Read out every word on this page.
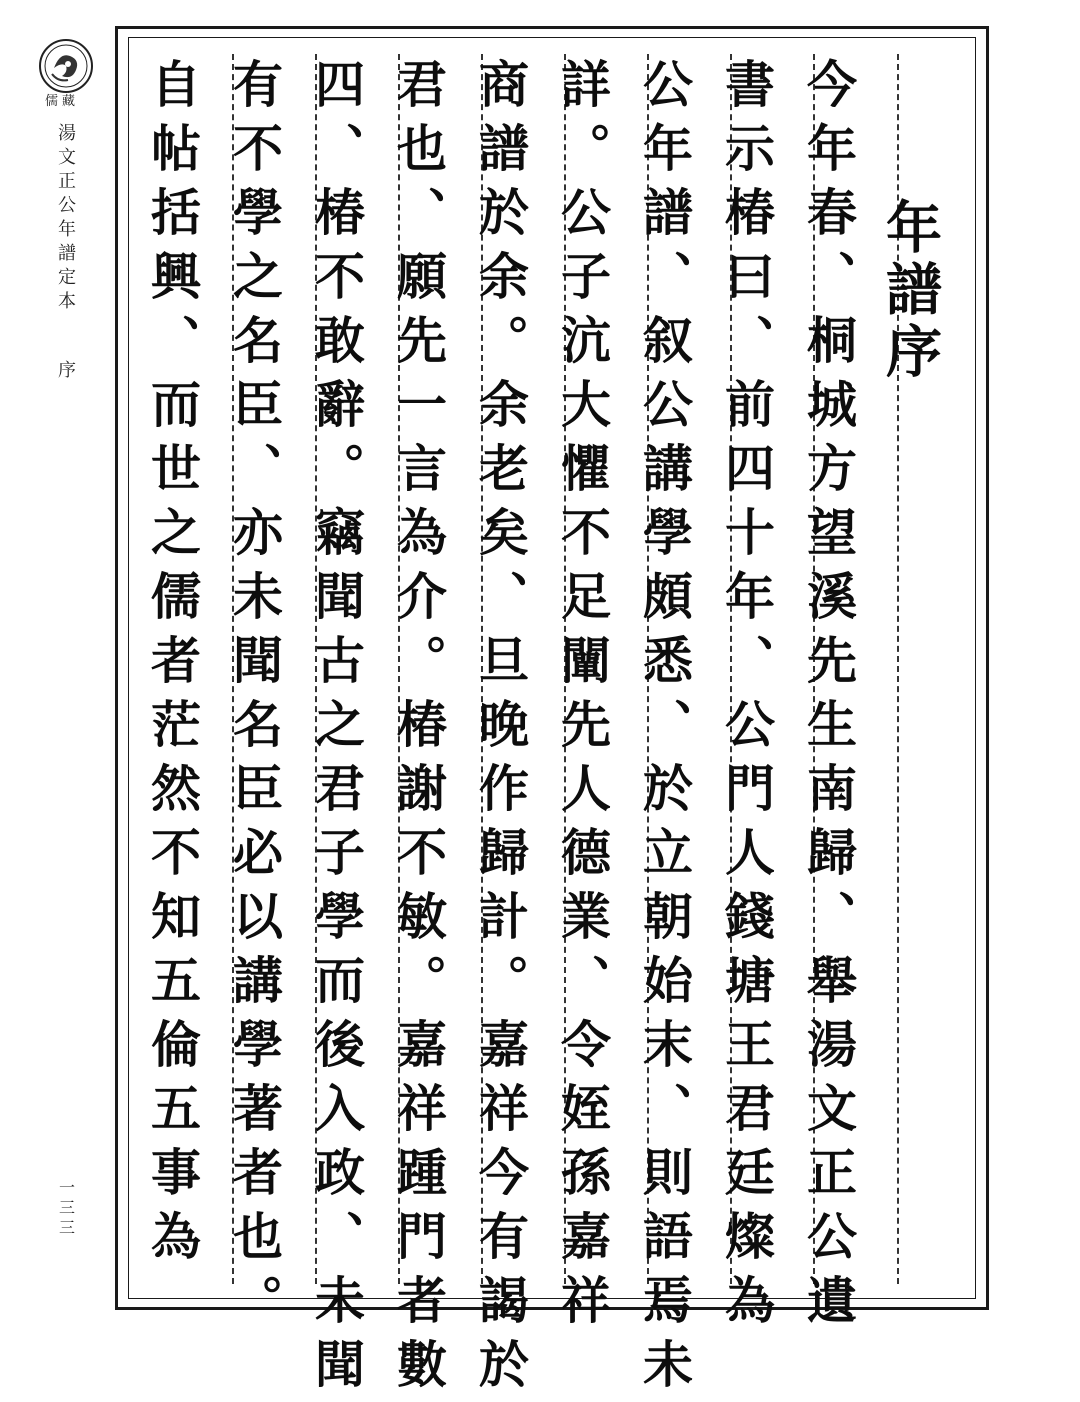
儒藏
湯文正公年譜定本
序
一三三
年譜序
今年春、桐城方望溪先生南歸、舉湯文正公遺
書示椿曰、前四十年、公門人錢塘王君廷燦為
公年譜、叙公講學頗悉、於立朝始末、則語焉未
詳。公子沆大懼不足闡先人德業、令姪孫嘉祥
商譜於余。余老矣、旦晚作歸計。嘉祥今有謁於
君也、願先一言為介。椿謝不敏。嘉祥踵門者數
四、椿不敢辭。竊聞古之君子學而後入政、未聞
有不學之名臣、亦未聞名臣必以講學著者也。
自帖括興、而世之儒者茫然不知五倫五事為
